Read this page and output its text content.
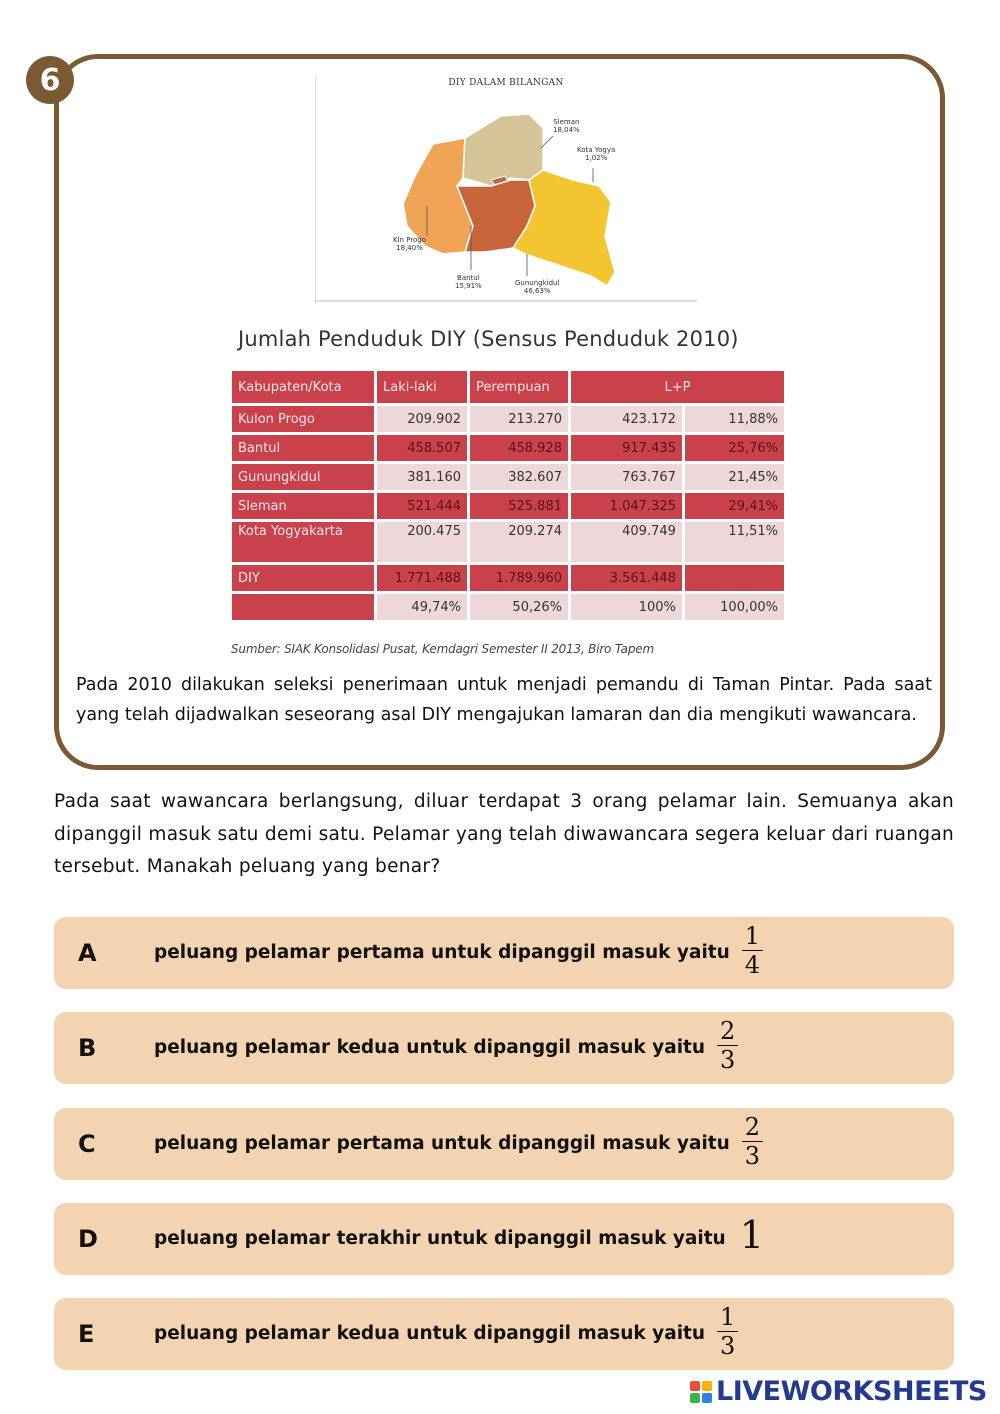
6	DIY DALAM BILANGAN
Sleman
18,04%
Kota Yogya
1,02%
Kln Progo
18,40%
Bantul
15,91%	Gunungkidul
46,63%
Jumlah Penduduk DIY (Sensus Penduduk 2010)
Kabupaten/Kota	Laki-laki	Perempuan	L+P	
Kulon Progo	209.902	213.270	423.172	11,88%
Bantul	458.507	458.928	917.435	25,76%
Gunungkidul	381.160	382.607	763.767	21,45%
Sleman	521.444	525.881	1.047.325	29,41%
Kota Yogyakarta	200.475	209.274	409.749	11,51%
DIY	1.771.488	1.789.960	3.561.448	
	49,74%	50,26%	100%	100,00%
Sumber: SIAK Konsolidasi Pusat, Kemdagri Semester II 2013, Biro Tapem
Pada 2010 dilakukan seleksi penerimaan untuk menjadi pemandu di Taman Pintar. Pada saat yang telah dijadwalkan seseorang asal DIY mengajukan lamaran dan dia mengikuti wawancara.
Pada saat wawancara berlangsung, diluar terdapat 3 orang pelamar lain. Semuanya akan dipanggil masuk satu demi satu. Pelamar yang telah diwawancara segera keluar dari ruangan tersebut. Manakah peluang yang benar?
A	peluang pelamar pertama untuk dipanggil masuk yaitu $\frac{1}{4}$
B	peluang pelamar kedua untuk dipanggil masuk yaitu $\frac{2}{3}$
C	peluang pelamar pertama untuk dipanggil masuk yaitu $\frac{2}{3}$
D	peluang pelamar terakhir untuk dipanggil masuk yaitu 1
E	peluang pelamar kedua untuk dipanggil masuk yaitu $\frac{1}{3}$
LIVEWORKSHEETS
